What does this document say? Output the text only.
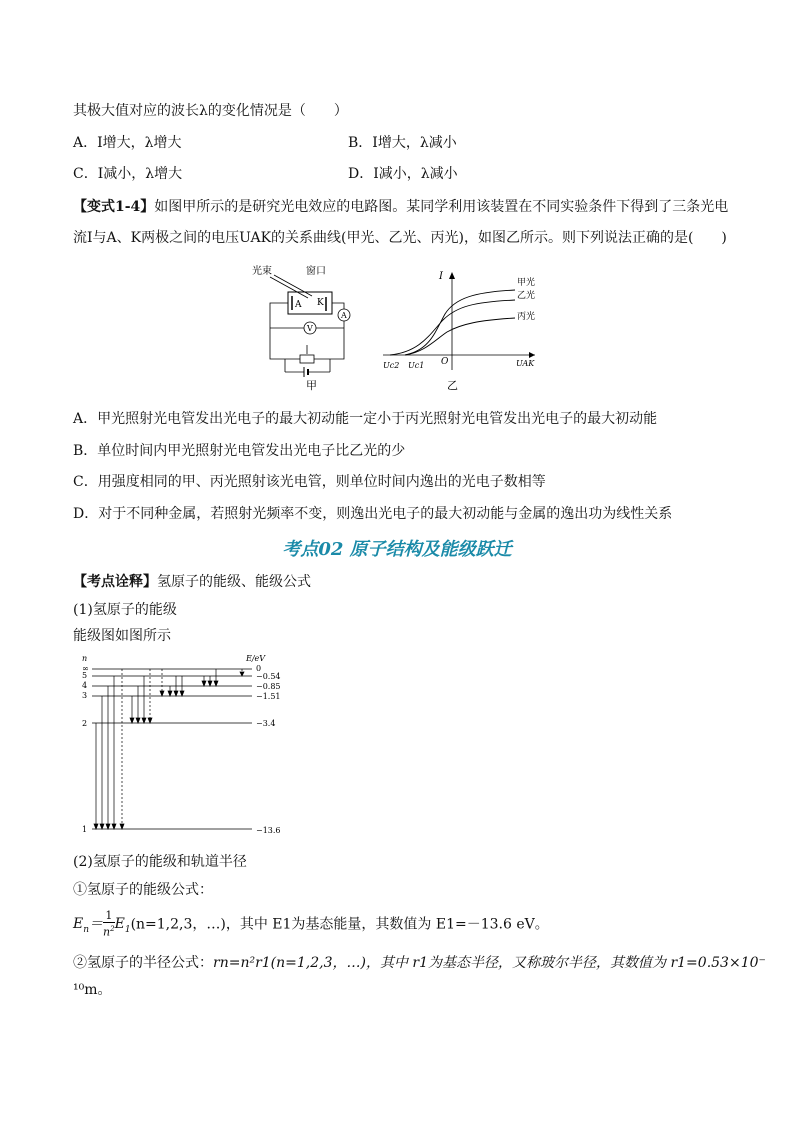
其极大值对应的波长λ的变化情况是（　　）
A．I增大，λ增大	B．I增大，λ减小
C．I减小，λ增大	D．I减小，λ减小
【变式1-4】如图甲所示的是研究光电效应的电路图。某同学利用该装置在不同实验条件下得到了三条光电
流I与A、K两极之间的电压UAK的关系曲线(甲光、乙光、丙光)，如图乙所示。则下列说法正确的是(　　)
光束	窗口
A K
V
A
甲
I
UAK
O
Uc2 Uc1
甲光
乙光
丙光
乙
A．甲光照射光电管发出光电子的最大初动能一定小于丙光照射光电管发出光电子的最大初动能
B．单位时间内甲光照射光电管发出光电子比乙光的少
C．用强度相同的甲、丙光照射该光电管，则单位时间内逸出的光电子数相等
D．对于不同种金属，若照射光频率不变，则逸出光电子的最大初动能与金属的逸出功为线性关系
考点02 原子结构及能级跃迁
【考点诠释】氢原子的能级、能级公式
(1)氢原子的能级
能级图如图所示
n	E/eV
∞	0
5	−0.54
4	−0.85
3	−1.51
2	−3.4
1	−13.6
(2)氢原子的能级和轨道半径
①氢原子的能级公式：
$E_n= \frac{1}{n^2} E_1(n=1,2,3$，…)，其中 E1为基态能量，其数值为 E1=－13.6 eV。
②氢原子的半径公式：rn=n²r1(n=1,2,3，…)，其中 r1为基态半径，又称玻尔半径，其数值为 r1=0.53×10⁻
¹⁰m。
